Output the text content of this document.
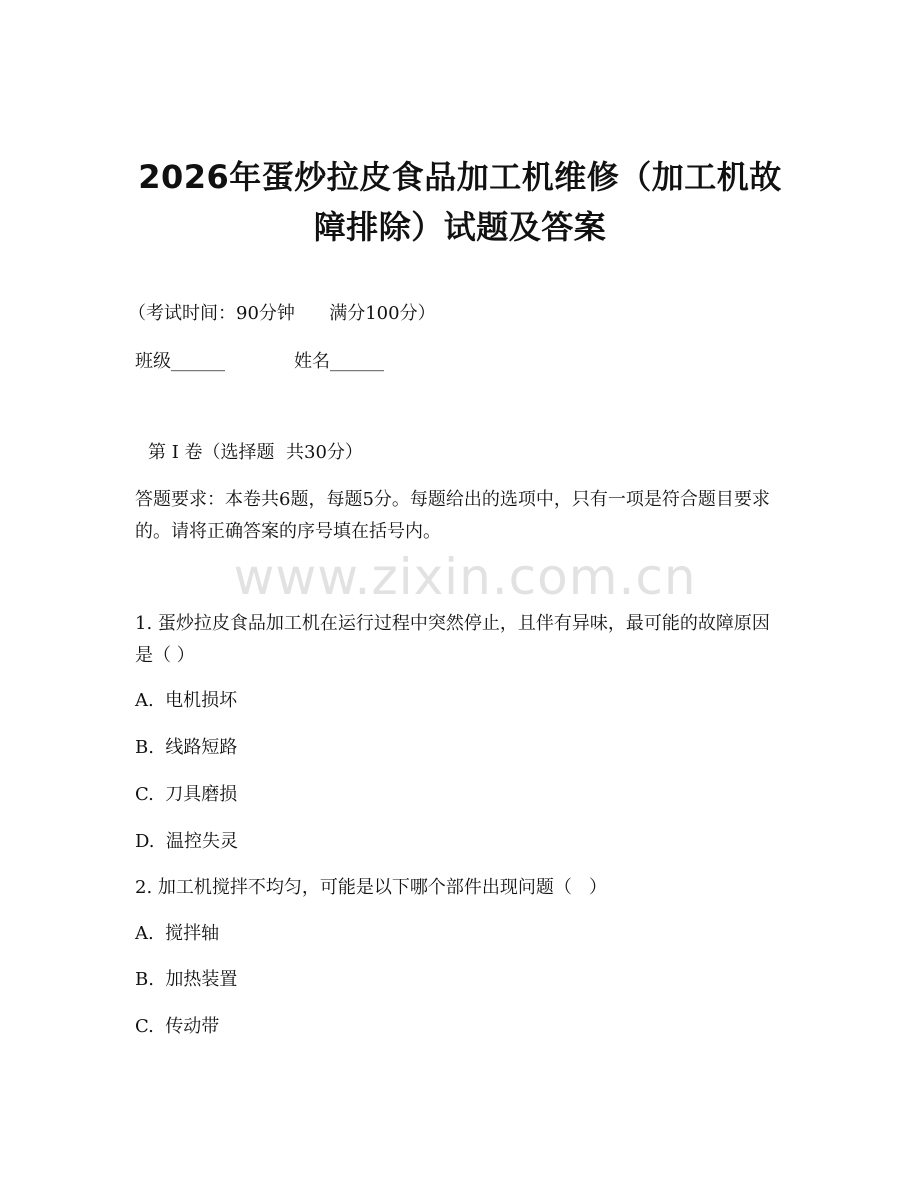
2026年蛋炒拉皮食品加工机维修（加工机故
障排除）试题及答案
（考试时间：90分钟      满分100分）
班级______	姓名______
第 I 卷（选择题  共30分）
答题要求：本卷共6题，每题5分。每题给出的选项中，只有一项是符合题目要求的。请将正确答案的序号填在括号内。
www.zixin.com.cn
1. 蛋炒拉皮食品加工机在运行过程中突然停止，且伴有异味，最可能的故障原因是（ ）
A.  电机损坏
B.  线路短路
C.  刀具磨损
D.  温控失灵
2. 加工机搅拌不均匀，可能是以下哪个部件出现问题（   ）
A.  搅拌轴
B.  加热装置
C.  传动带
